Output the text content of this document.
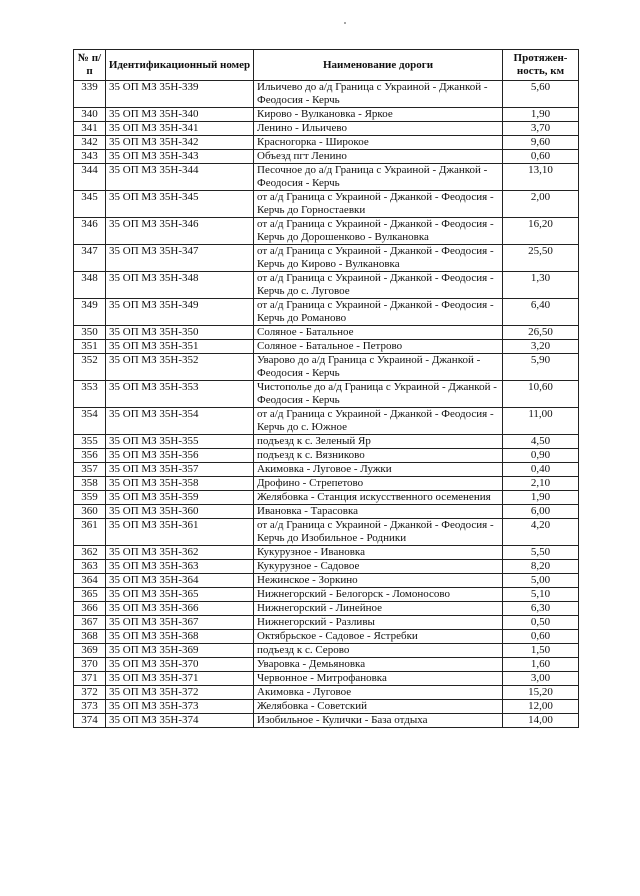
№ п/п	Идентификационный номер	Наименование дороги	Протяжен-ность, км
339	35 ОП МЗ 35Н-339	Ильичево до а/д Граница с Украиной - Джанкой - Феодосия - Керчь	5,60
340	35 ОП МЗ 35Н-340	Кирово - Вулкановка - Яркое	1,90
341	35 ОП МЗ 35Н-341	Ленино - Ильичево	3,70
342	35 ОП МЗ 35Н-342	Красногорка - Широкое	9,60
343	35 ОП МЗ 35Н-343	Объезд пгт Ленино	0,60
344	35 ОП МЗ 35Н-344	Песочное до а/д Граница с Украиной - Джанкой - Феодосия - Керчь	13,10
345	35 ОП МЗ 35Н-345	от а/д Граница с Украиной - Джанкой - Феодосия - Керчь до Горностаевки	2,00
346	35 ОП МЗ 35Н-346	от а/д Граница с Украиной - Джанкой - Феодосия - Керчь до Дорошенково - Вулкановка	16,20
347	35 ОП МЗ 35Н-347	от а/д Граница с Украиной - Джанкой - Феодосия - Керчь до Кирово - Вулкановка	25,50
348	35 ОП МЗ 35Н-348	от а/д Граница с Украиной - Джанкой - Феодосия - Керчь до с. Луговое	1,30
349	35 ОП МЗ 35Н-349	от а/д Граница с Украиной - Джанкой - Феодосия - Керчь до Романово	6,40
350	35 ОП МЗ 35Н-350	Соляное - Батальное	26,50
351	35 ОП МЗ 35Н-351	Соляное - Батальное - Петрово	3,20
352	35 ОП МЗ 35Н-352	Уварово до а/д Граница с Украиной - Джанкой - Феодосия - Керчь	5,90
353	35 ОП МЗ 35Н-353	Чистополье до а/д Граница с Украиной - Джанкой - Феодосия - Керчь	10,60
354	35 ОП МЗ 35Н-354	от а/д Граница с Украиной - Джанкой - Феодосия - Керчь до с. Южное	11,00
355	35 ОП МЗ 35Н-355	подъезд к с. Зеленый Яр	4,50
356	35 ОП МЗ 35Н-356	подъезд к с. Вязниково	0,90
357	35 ОП МЗ 35Н-357	Акимовка - Луговое - Лужки	0,40
358	35 ОП МЗ 35Н-358	Дрофино - Стрепетово	2,10
359	35 ОП МЗ 35Н-359	Желябовка - Станция искусственного осеменения	1,90
360	35 ОП МЗ 35Н-360	Ивановка - Тарасовка	6,00
361	35 ОП МЗ 35Н-361	от а/д Граница с Украиной - Джанкой - Феодосия - Керчь до Изобильное - Родники	4,20
362	35 ОП МЗ 35Н-362	Кукурузное - Ивановка	5,50
363	35 ОП МЗ 35Н-363	Кукурузное - Садовое	8,20
364	35 ОП МЗ 35Н-364	Нежинское - Зоркино	5,00
365	35 ОП МЗ 35Н-365	Нижнегорский - Белогорск - Ломоносово	5,10
366	35 ОП МЗ 35Н-366	Нижнегорский - Линейное	6,30
367	35 ОП МЗ 35Н-367	Нижнегорский - Разливы	0,50
368	35 ОП МЗ 35Н-368	Октябрьское - Садовое - Ястребки	0,60
369	35 ОП МЗ 35Н-369	подъезд к с. Серово	1,50
370	35 ОП МЗ 35Н-370	Уваровка - Демьяновка	1,60
371	35 ОП МЗ 35Н-371	Червонное - Митрофановка	3,00
372	35 ОП МЗ 35Н-372	Акимовка - Луговое	15,20
373	35 ОП МЗ 35Н-373	Желябовка - Советский	12,00
374	35 ОП МЗ 35Н-374	Изобильное - Кулички - База отдыха	14,00
